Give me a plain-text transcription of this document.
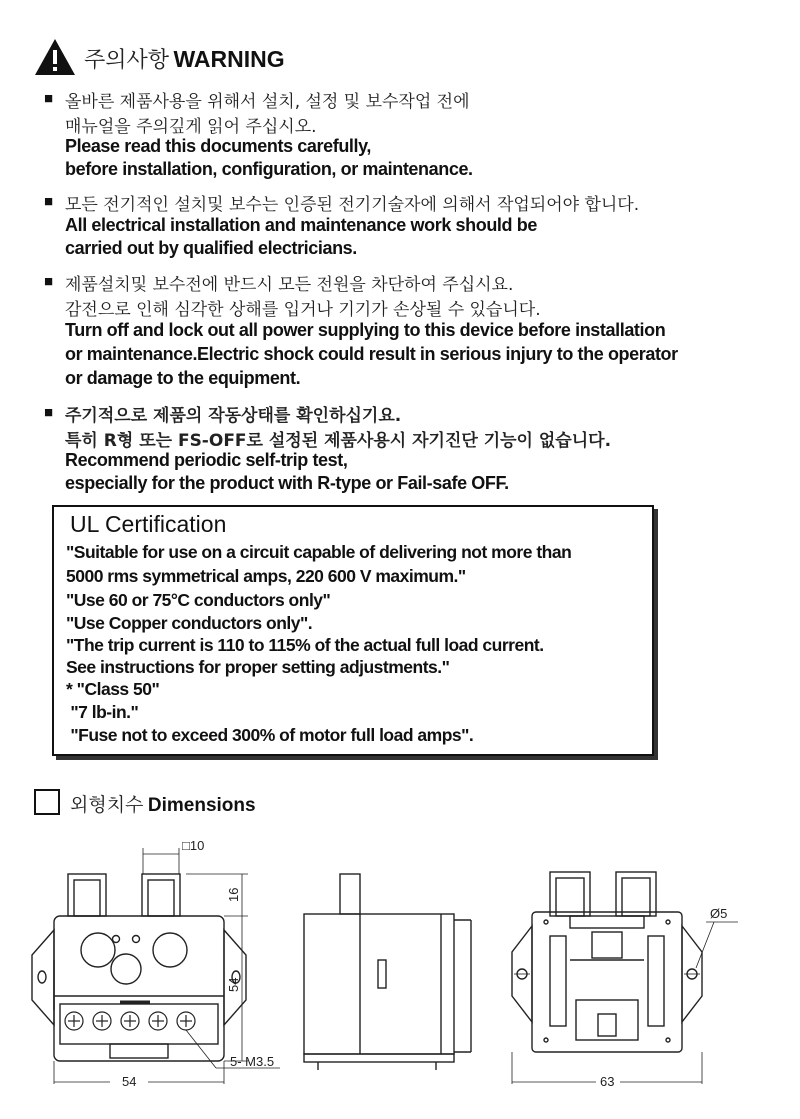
주의사항 WARNING
■ 올바른 제품사용을 위해서 설치, 설정 및 보수작업 전에
매뉴얼을 주의깊게 읽어 주십시오.
Please read this documents carefully,
before installation, configuration, or maintenance.
■ 모든 전기적인 설치및 보수는 인증된 전기기술자에 의해서 작업되어야 합니다.
All electrical installation and maintenance work should be
carried out by qualified electricians.
■ 제품설치및 보수전에 반드시 모든 전원을 차단하여 주십시요.
감전으로 인해 심각한 상해를 입거나 기기가 손상될 수 있습니다.
Turn off and lock out all power supplying to this device before installation
or maintenance.Electric shock could result in serious injury to the operator
or damage to the equipment.
■ 주기적으로 제품의 작동상태를 확인하십기요.
특히 R형 또는 FS-OFF로 설정된 제품사용시 자기진단 기능이 없습니다.
Recommend periodic self-trip test,
especially for the product with R-type or Fail-safe OFF.
UL Certification
"Suitable for use on a circuit capable of delivering not more than
5000 rms symmetrical amps, 220 600 V maximum."
"Use 60 or 75°C conductors only"
"Use Copper conductors only".
"The trip current is 110 to 115% of the actual full load current.
See instructions for proper setting adjustments."
* "Class 50"
"7 lb-in."
"Fuse not to exceed 300% of motor full load amps".
외형치수 Dimensions
□10
16
54
5- M3.5
54
Ø5
63
